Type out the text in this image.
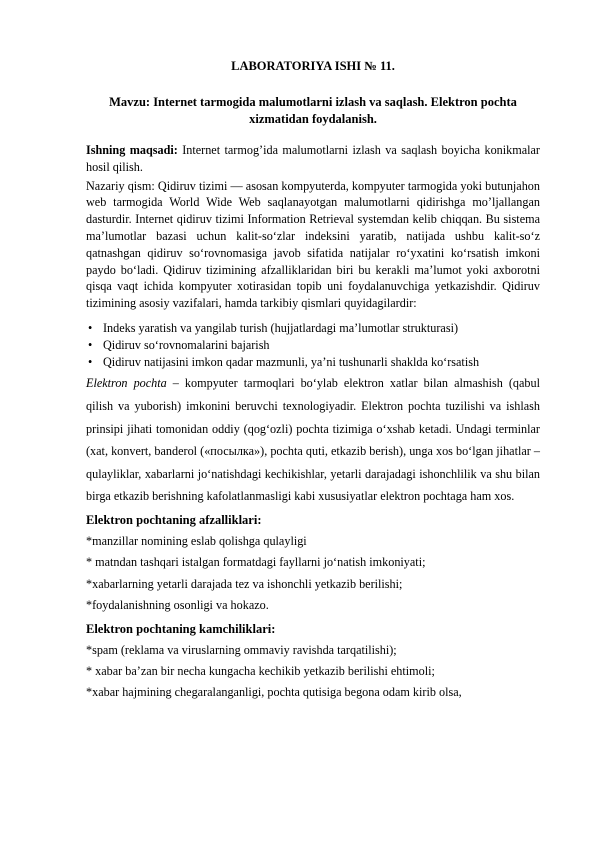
LABORATORIYA ISHI № 11.
Mavzu: Internet tarmogida malumotlarni izlash va saqlash. Elektron pochta xizmatidan foydalanish.
Ishning maqsadi: Internet tarmog’ida malumotlarni izlash va saqlash boyicha konikmalar hosil qilish.
Nazariy qism: Qidiruv tizimi — asosan kompyuterda, kompyuter tarmogida yoki butunjahon web tarmogida World Wide Web saqlanayotgan malumotlarni qidirishga mo’ljallangan dasturdir. Internet qidiruv tizimi Information Retrieval systemdan kelib chiqqan. Bu sistema ma’lumotlar bazasi uchun kalit-soʻzlar indeksini yaratib, natijada ushbu kalit-soʻz qatnashgan qidiruv soʻrovnomasiga javob sifatida natijalar roʻyxatini koʻrsatish imkoni paydo boʻladi. Qidiruv tizimining afzalliklaridan biri bu kerakli maʼlumot yoki axborotni qisqa vaqt ichida kompyuter xotirasidan topib uni foydalanuvchiga yetkazishdir. Qidiruv tizimining asosiy vazifalari, hamda tarkibiy qismlari quyidagilardir:
• Indeks yaratish va yangilab turish (hujjatlardagi maʼlumotlar strukturasi)
• Qidiruv soʻrovnomalarini bajarish
• Qidiruv natijasini imkon qadar mazmunli, yaʼni tushunarli shaklda koʻrsatish
Elektron pochta – kompyuter tarmoqlari bo‘ylab elektron xatlar bilan almashish (qabul qilish va yuborish) imkonini beruvchi texnologiyadir. Elektron pochta tuzilishi va ishlash prinsipi jihati tomonidan oddiy (qog‘ozli) pochta tizimiga o‘xshab ketadi. Undagi terminlar (xat, konvert, banderol («посылка»), pochta quti, etkazib berish), unga xos bo‘lgan jihatlar – qulayliklar, xabarlarni jo‘natishdagi kechikishlar, yetarli darajadagi ishonchlilik va shu bilan birga etkazib berishning kafolatlanmasligi kabi xususiyatlar elektron pochtaga ham xos.
Elektron pochtaning afzalliklari:
*manzillar nomining eslab qolishga qulayligi
* matndan tashqari istalgan formatdagi fayllarni jo‘natish imkoniyati;
*xabarlarning yetarli darajada tez va ishonchli yetkazib berilishi;
*foydalanishning osonligi va hokazo.
Elektron pochtaning kamchiliklari:
*spam (reklama va viruslarning ommaviy ravishda tarqatilishi);
* xabar ba’zan bir necha kungacha kechikib yetkazib berilishi ehtimoli;
*xabar hajmining chegaralanganligi, pochta qutisiga begona odam kirib olsa,
